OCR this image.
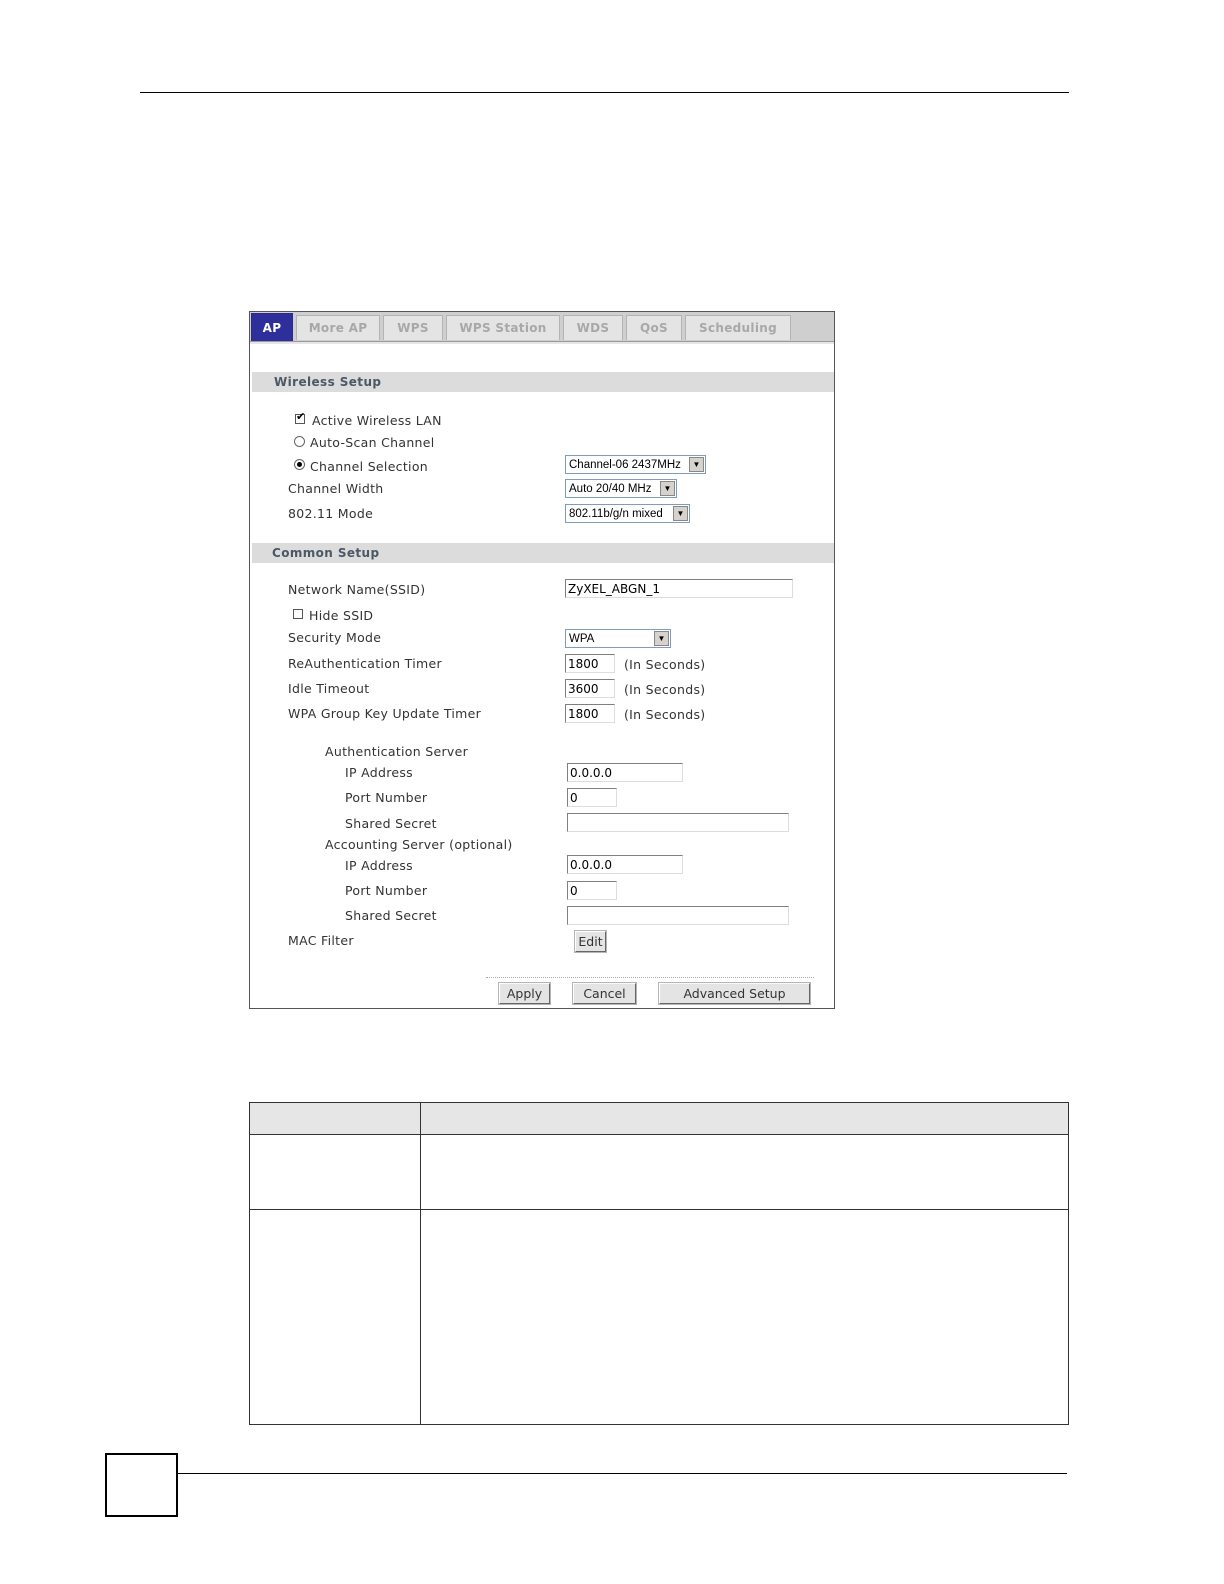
AP	More AP	WPS	WPS Station	WDS	QoS	Scheduling
Wireless Setup
✔ Active Wireless LAN
Auto-Scan Channel
Channel Selection	Channel-06 2437MHz	▼
Channel Width	Auto 20/40 MHz	▼
802.11 Mode	802.11b/g/n mixed	▼
Common Setup
Network Name(SSID)	ZyXEL_ABGN_1
Hide SSID
Security Mode	WPA	▼
ReAuthentication Timer	1800	(In Seconds)
Idle Timeout	3600	(In Seconds)
WPA Group Key Update Timer	1800	(In Seconds)
Authentication Server
IP Address	0.0.0.0
Port Number	0
Shared Secret
Accounting Server (optional)
IP Address	0.0.0.0
Port Number	0
Shared Secret
MAC Filter	Edit
Apply	Cancel	Advanced Setup
